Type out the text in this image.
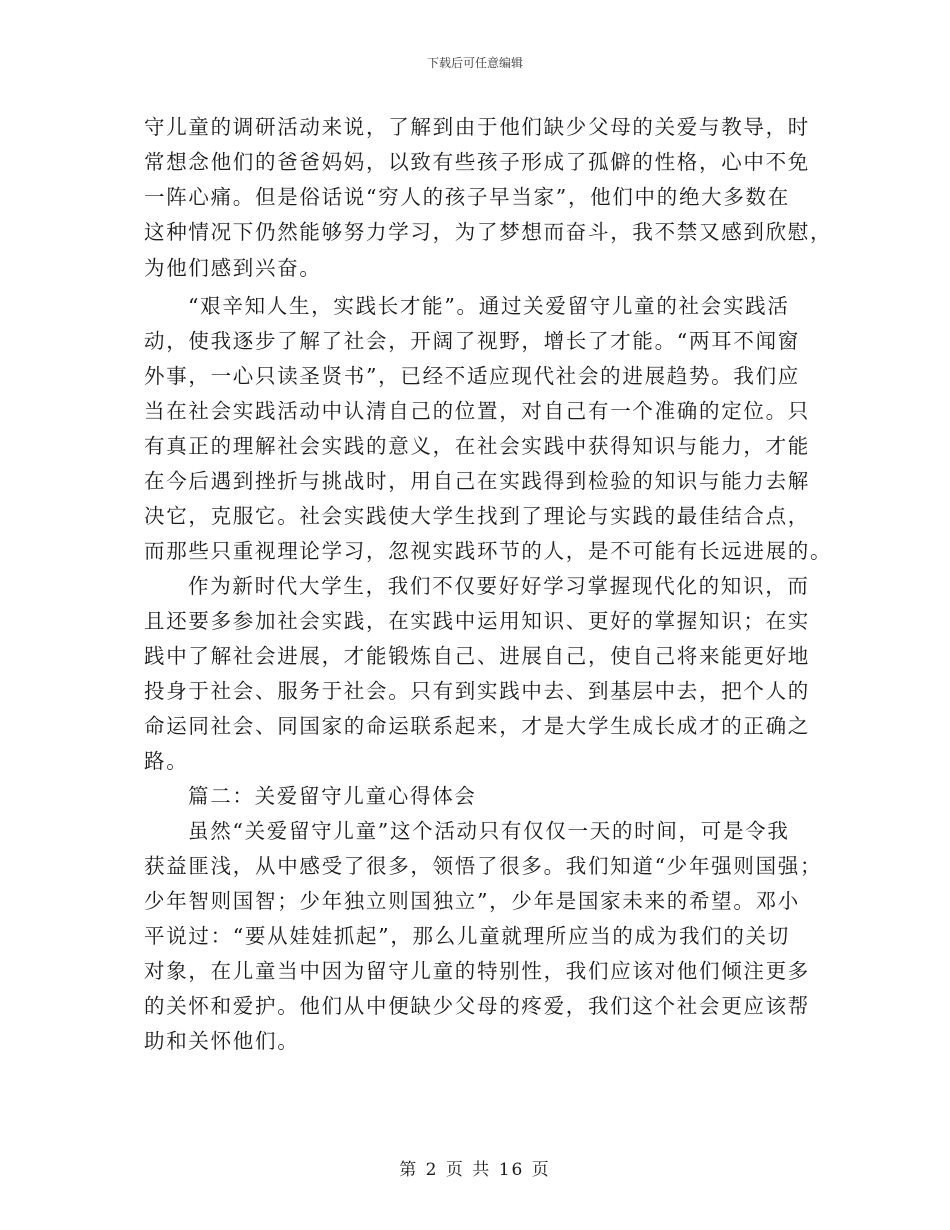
下载后可任意编辑
守儿童的调研活动来说，了解到由于他们缺少父母的关爱与教导，时
常想念他们的爸爸妈妈，以致有些孩子形成了孤僻的性格，心中不免
一阵心痛。但是俗话说“穷人的孩子早当家”，他们中的绝大多数在
这种情况下仍然能够努力学习，为了梦想而奋斗，我不禁又感到欣慰，
为他们感到兴奋。
“艰辛知人生，实践长才能”。通过关爱留守儿童的社会实践活
动，使我逐步了解了社会，开阔了视野，增长了才能。“两耳不闻窗
外事，一心只读圣贤书”，已经不适应现代社会的进展趋势。我们应
当在社会实践活动中认清自己的位置，对自己有一个准确的定位。只
有真正的理解社会实践的意义，在社会实践中获得知识与能力，才能
在今后遇到挫折与挑战时，用自己在实践得到检验的知识与能力去解
决它，克服它。社会实践使大学生找到了理论与实践的最佳结合点，
而那些只重视理论学习，忽视实践环节的人，是不可能有长远进展的。
作为新时代大学生，我们不仅要好好学习掌握现代化的知识，而
且还要多参加社会实践，在实践中运用知识、更好的掌握知识；在实
践中了解社会进展，才能锻炼自己、进展自己，使自己将来能更好地
投身于社会、服务于社会。只有到实践中去、到基层中去，把个人的
命运同社会、同国家的命运联系起来，才是大学生成长成才的正确之
路。
篇二：关爱留守儿童心得体会
虽然“关爱留守儿童”这个活动只有仅仅一天的时间，可是令我
获益匪浅，从中感受了很多，领悟了很多。我们知道“少年强则国强；
少年智则国智；少年独立则国独立”，少年是国家未来的希望。邓小
平说过：“要从娃娃抓起”，那么儿童就理所应当的成为我们的关切
对象，在儿童当中因为留守儿童的特别性，我们应该对他们倾注更多
的关怀和爱护。他们从中便缺少父母的疼爱，我们这个社会更应该帮
助和关怀他们。
第 2 页 共 16 页
